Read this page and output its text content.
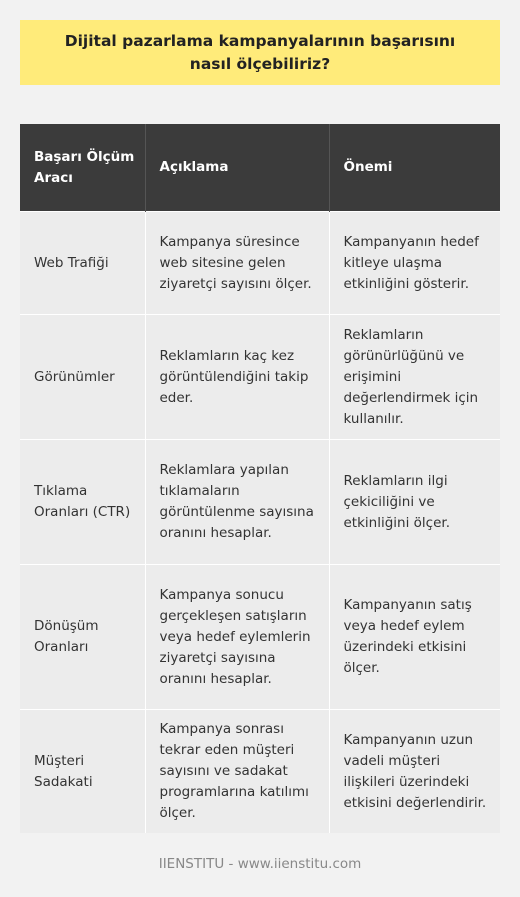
Dijital pazarlama kampanyalarının başarısını nasıl ölçebiliriz?
Başarı Ölçüm Aracı	Açıklama	Önemi
Web Trafiği	Kampanya süresince web sitesine gelen ziyaretçi sayısını ölçer.	Kampanyanın hedef kitleye ulaşma etkinliğini gösterir.
Görünümler	Reklamların kaç kez görüntülendiğini takip eder.	Reklamların görünürlüğünü ve erişimini değerlendirmek için kullanılır.
Tıklama Oranları (CTR)	Reklamlara yapılan tıklamaların görüntülenme sayısına oranını hesaplar.	Reklamların ilgi çekiciliğini ve etkinliğini ölçer.
Dönüşüm Oranları	Kampanya sonucu gerçekleşen satışların veya hedef eylemlerin ziyaretçi sayısına oranını hesaplar.	Kampanyanın satış veya hedef eylem üzerindeki etkisini ölçer.
Müşteri Sadakati	Kampanya sonrası tekrar eden müşteri sayısını ve sadakat programlarına katılımı ölçer.	Kampanyanın uzun vadeli müşteri ilişkileri üzerindeki etkisini değerlendirir.
IIENSTITU - www.iienstitu.com
